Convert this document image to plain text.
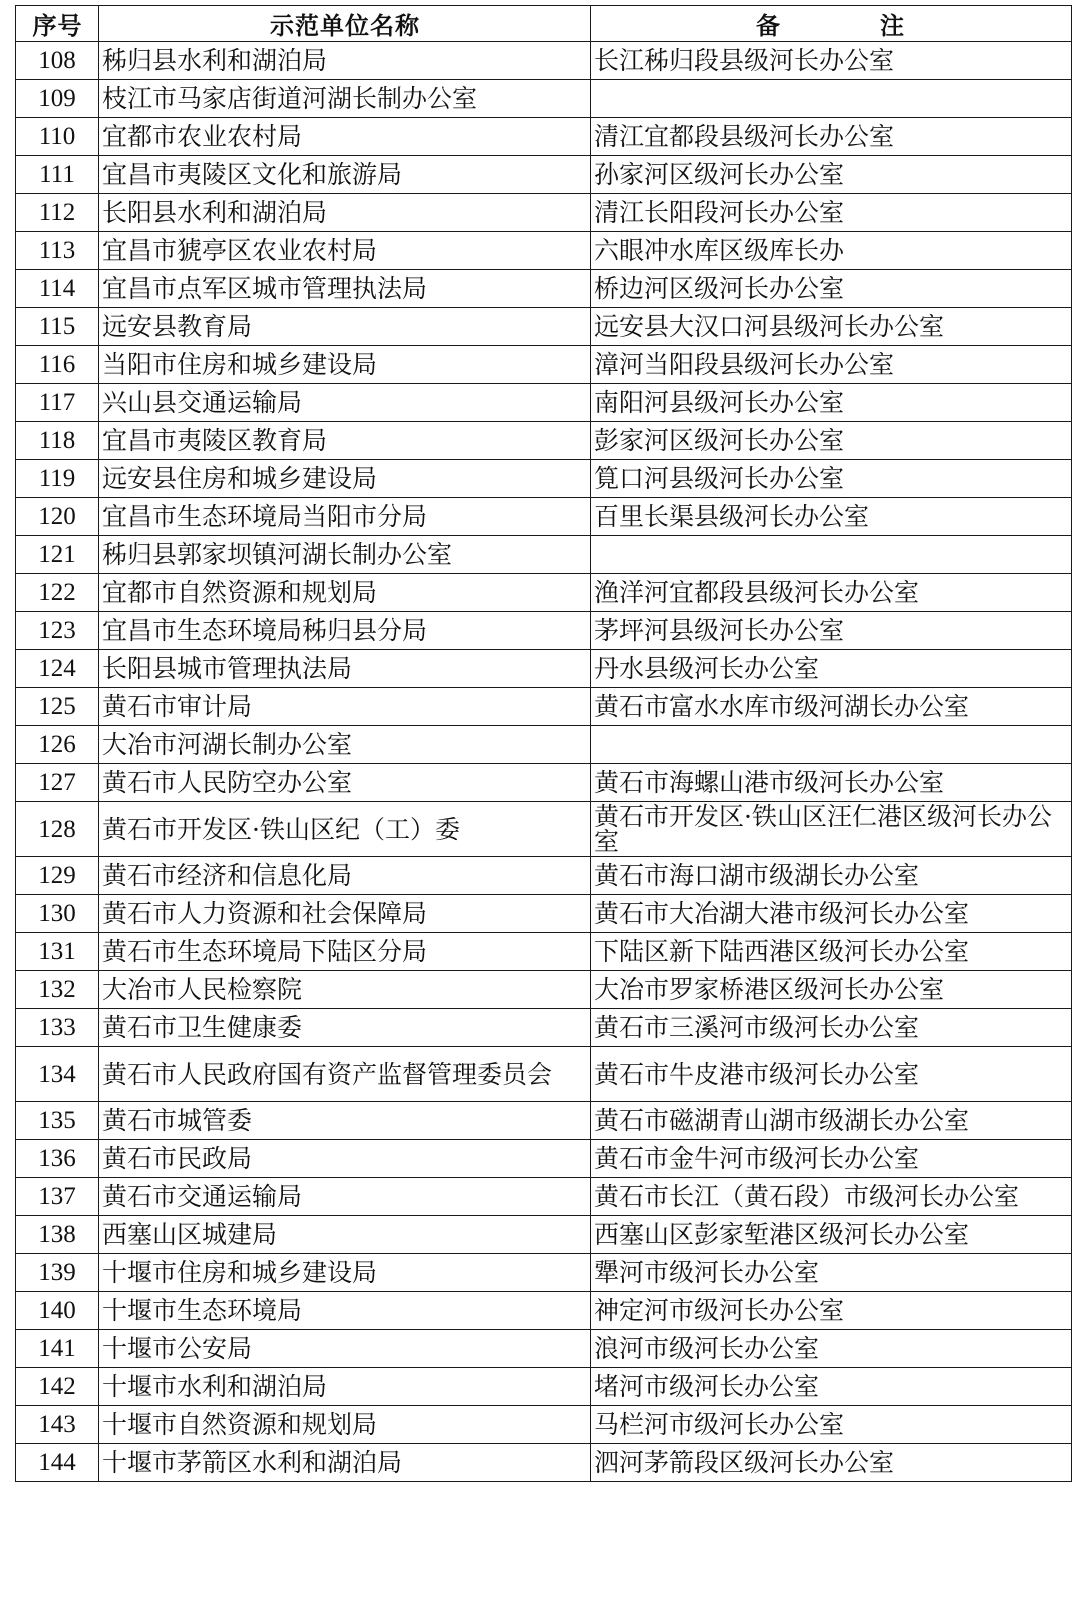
序号	示范单位名称	备　注
108	秭归县水利和湖泊局	长江秭归段县级河长办公室
109	枝江市马家店街道河湖长制办公室	
110	宜都市农业农村局	清江宜都段县级河长办公室
111	宜昌市夷陵区文化和旅游局	孙家河区级河长办公室
112	长阳县水利和湖泊局	清江长阳段河长办公室
113	宜昌市猇亭区农业农村局	六眼冲水库区级库长办
114	宜昌市点军区城市管理执法局	桥边河区级河长办公室
115	远安县教育局	远安县大汉口河县级河长办公室
116	当阳市住房和城乡建设局	漳河当阳段县级河长办公室
117	兴山县交通运输局	南阳河县级河长办公室
118	宜昌市夷陵区教育局	彭家河区级河长办公室
119	远安县住房和城乡建设局	筧口河县级河长办公室
120	宜昌市生态环境局当阳市分局	百里长渠县级河长办公室
121	秭归县郭家坝镇河湖长制办公室	
122	宜都市自然资源和规划局	渔洋河宜都段县级河长办公室
123	宜昌市生态环境局秭归县分局	茅坪河县级河长办公室
124	长阳县城市管理执法局	丹水县级河长办公室
125	黄石市审计局	黄石市富水水库市级河湖长办公室
126	大冶市河湖长制办公室	
127	黄石市人民防空办公室	黄石市海螺山港市级河长办公室
128	黄石市开发区·铁山区纪（工）委	黄石市开发区·铁山区汪仁港区级河长办公室
129	黄石市经济和信息化局	黄石市海口湖市级湖长办公室
130	黄石市人力资源和社会保障局	黄石市大冶湖大港市级河长办公室
131	黄石市生态环境局下陆区分局	下陆区新下陆西港区级河长办公室
132	大冶市人民检察院	大冶市罗家桥港区级河长办公室
133	黄石市卫生健康委	黄石市三溪河市级河长办公室
134	黄石市人民政府国有资产监督管理委员会	黄石市牛皮港市级河长办公室
135	黄石市城管委	黄石市磁湖青山湖市级湖长办公室
136	黄石市民政局	黄石市金牛河市级河长办公室
137	黄石市交通运输局	黄石市长江（黄石段）市级河长办公室
138	西塞山区城建局	西塞山区彭家堑港区级河长办公室
139	十堰市住房和城乡建设局	犟河市级河长办公室
140	十堰市生态环境局	神定河市级河长办公室
141	十堰市公安局	浪河市级河长办公室
142	十堰市水利和湖泊局	堵河市级河长办公室
143	十堰市自然资源和规划局	马栏河市级河长办公室
144	十堰市茅箭区水利和湖泊局	泗河茅箭段区级河长办公室
